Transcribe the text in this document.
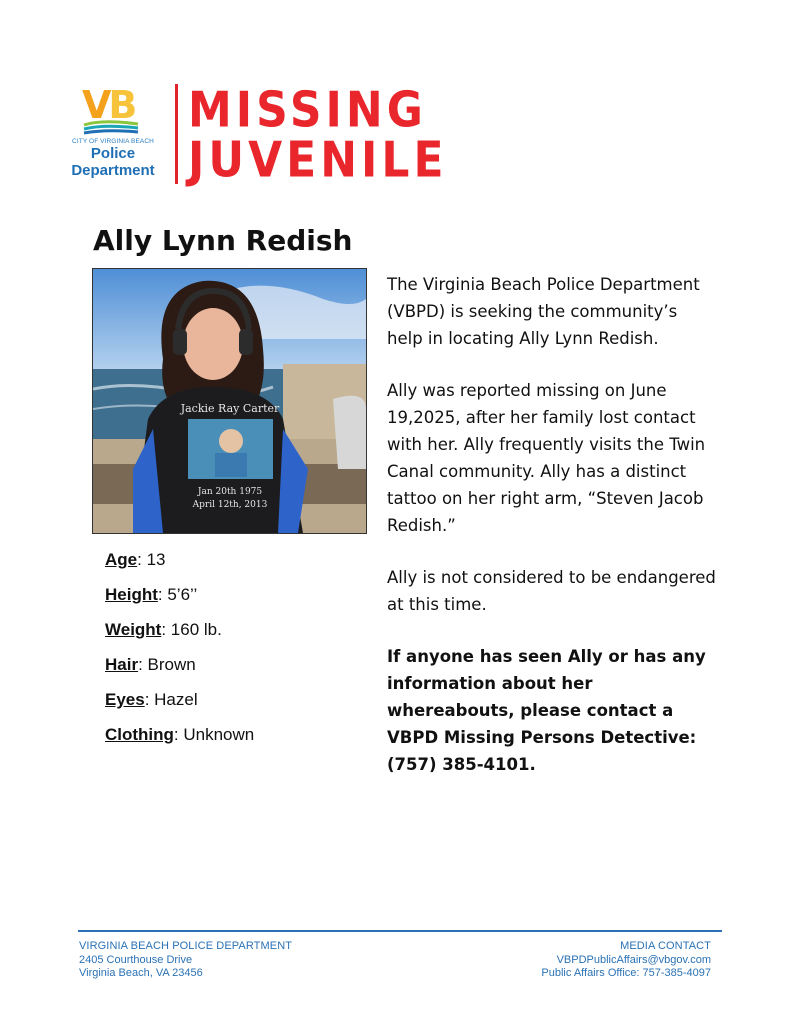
VB
CITY OF VIRGINIA BEACH
Police
Department
MISSING
JUVENILE
Ally Lynn Redish
Jackie Ray Carter
Jan 20th 1975
April 12th, 2013
Age: 13
Height: 5’6’’
Weight: 160 lb.
Hair: Brown
Eyes: Hazel
Clothing: Unknown

The Virginia Beach Police Department (VBPD) is seeking the community’s help in locating Ally Lynn Redish.

Ally was reported missing on June 19,2025, after her family lost contact with her. Ally frequently visits the Twin Canal community. Ally has a distinct tattoo on her right arm, “Steven Jacob Redish.”

Ally is not considered to be endangered at this time.

If anyone has seen Ally or has any information about her whereabouts, please contact a VBPD Missing Persons Detective: (757) 385-4101.

VIRGINIA BEACH POLICE DEPARTMENT
2405 Courthouse Drive
Virginia Beach, VA 23456
MEDIA CONTACT
VBPDPublicAffairs@vbgov.com
Public Affairs Office: 757-385-4097
